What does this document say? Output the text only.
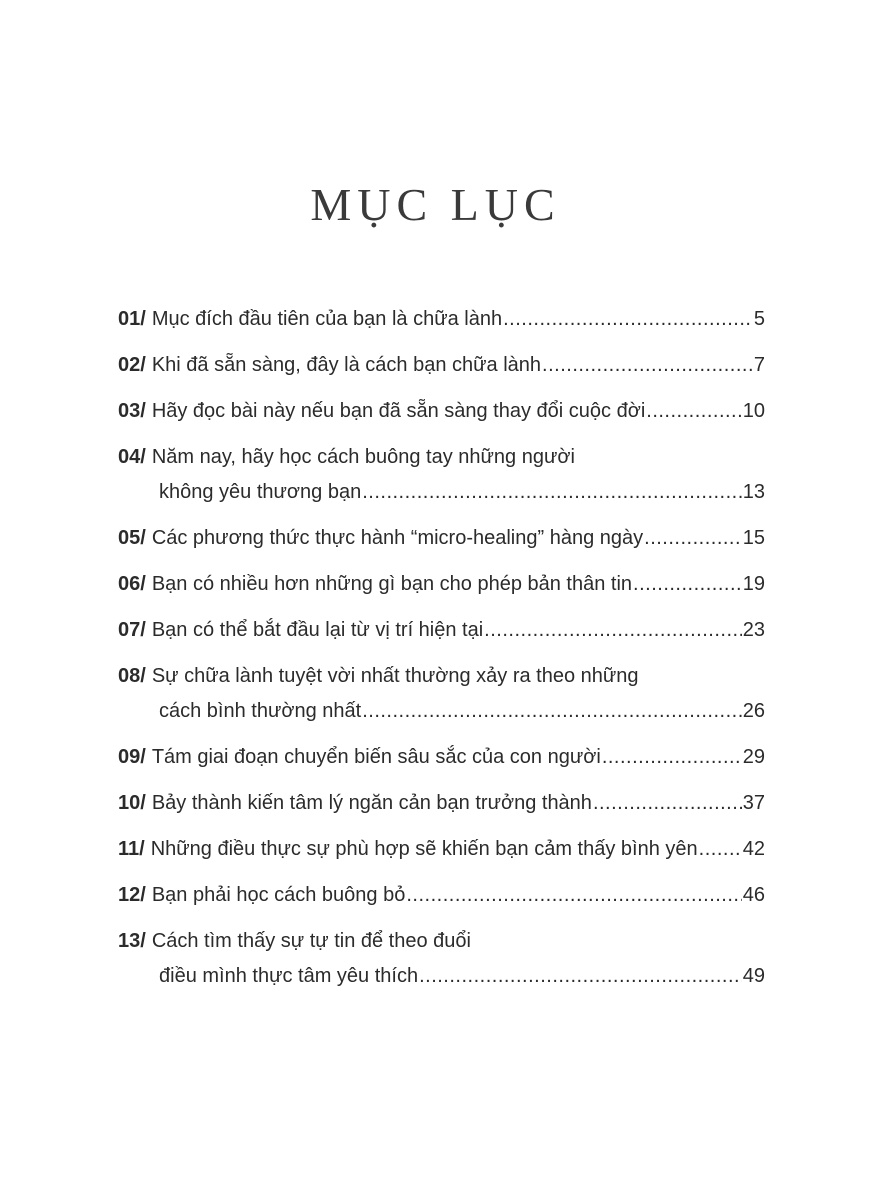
MỤC LỤC
01/ Mục đích đầu tiên của bạn là chữa lành .....	5
02/ Khi đã sẵn sàng, đây là cách bạn chữa lành .....	7
03/ Hãy đọc bài này nếu bạn đã sẵn sàng thay đổi cuộc đời .....	10
04/ Năm nay, hãy học cách buông tay những người
không yêu thương bạn .....	13
05/ Các phương thức thực hành “micro-healing” hàng ngày .....	15
06/ Bạn có nhiều hơn những gì bạn cho phép bản thân tin .....	19
07/ Bạn có thể bắt đầu lại từ vị trí hiện tại .....	23
08/ Sự chữa lành tuyệt vời nhất thường xảy ra theo những
cách bình thường nhất .....	26
09/ Tám giai đoạn chuyển biến sâu sắc của con người .....	29
10/ Bảy thành kiến tâm lý ngăn cản bạn trưởng thành .....	37
11/ Những điều thực sự phù hợp sẽ khiến bạn cảm thấy bình yên ..... 42
12/ Bạn phải học cách buông bỏ .....	46
13/ Cách tìm thấy sự tự tin để theo đuổi
điều mình thực tâm yêu thích .....	49
